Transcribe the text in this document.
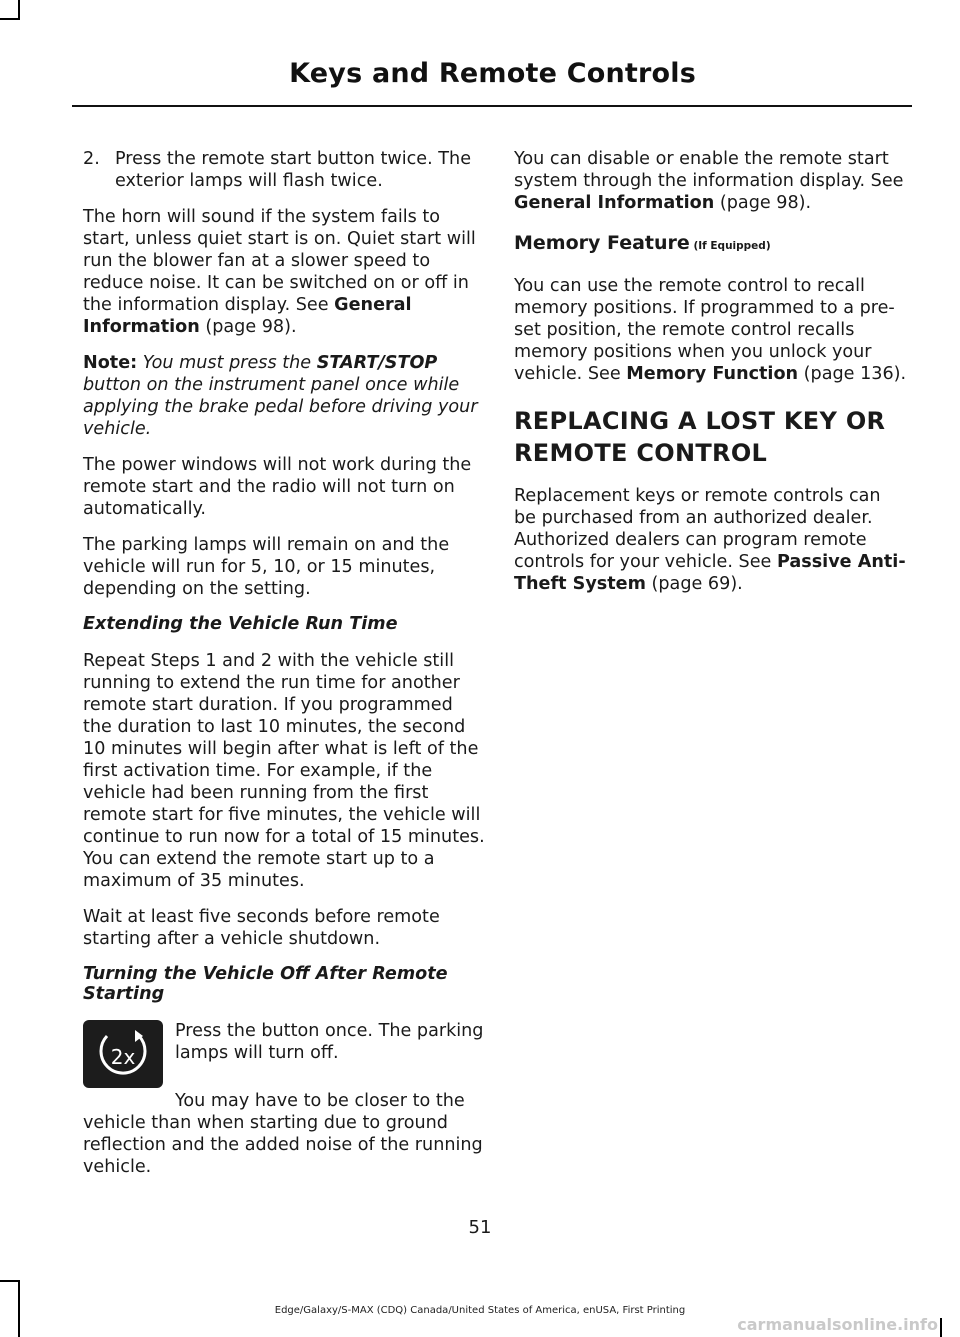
Keys and Remote Controls
2. Press the remote start button twice. The exterior lamps will flash twice.

The horn will sound if the system fails to start, unless quiet start is on. Quiet start will run the blower fan at a slower speed to reduce noise. It can be switched on or off in the information display. See General Information (page 98).

Note: You must press the START/STOP button on the instrument panel once while applying the brake pedal before driving your vehicle.

The power windows will not work during the remote start and the radio will not turn on automatically.

The parking lamps will remain on and the vehicle will run for 5, 10, or 15 minutes, depending on the setting.

Extending the Vehicle Run Time

Repeat Steps 1 and 2 with the vehicle still running to extend the run time for another remote start duration. If you programmed the duration to last 10 minutes, the second 10 minutes will begin after what is left of the first activation time. For example, if the vehicle had been running from the first remote start for five minutes, the vehicle will continue to run now for a total of 15 minutes. You can extend the remote start up to a maximum of 35 minutes.

Wait at least five seconds before remote starting after a vehicle shutdown.

Turning the Vehicle Off After Remote Starting
2x

Press the button once. The parking lamps will turn off.

You may have to be closer to the vehicle than when starting due to ground reflection and the added noise of the running vehicle.

You can disable or enable the remote start system through the information display. See General Information (page 98).

Memory Feature (If Equipped)

You can use the remote control to recall memory positions. If programmed to a pre-set position, the remote control recalls memory positions when you unlock your vehicle. See Memory Function (page 136).

REPLACING A LOST KEY OR
REMOTE CONTROL

Replacement keys or remote controls can be purchased from an authorized dealer. Authorized dealers can program remote controls for your vehicle. See Passive Anti-Theft System (page 69).

51
Edge/Galaxy/S-MAX (CDQ) Canada/United States of America, enUSA, First Printing
carmanualsonline.info
